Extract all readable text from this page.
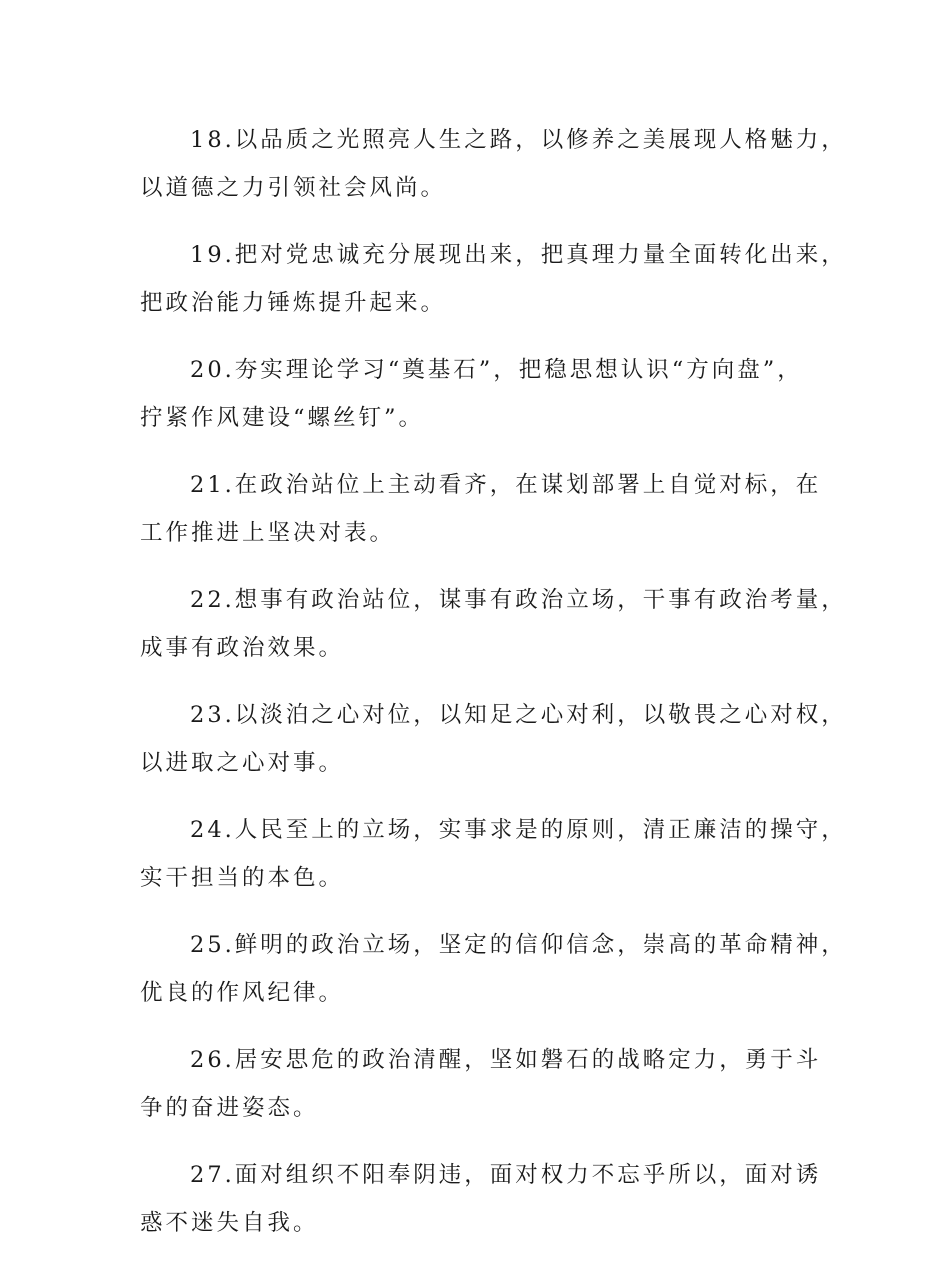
18.以品质之光照亮人生之路，以修养之美展现人格魅力，
以道德之力引领社会风尚。

19.把对党忠诚充分展现出来，把真理力量全面转化出来，
把政治能力锤炼提升起来。

20.夯实理论学习“奠基石”，把稳思想认识“方向盘”，
拧紧作风建设“螺丝钉”。

21.在政治站位上主动看齐，在谋划部署上自觉对标，在
工作推进上坚决对表。

22.想事有政治站位，谋事有政治立场，干事有政治考量，
成事有政治效果。

23.以淡泊之心对位，以知足之心对利，以敬畏之心对权，
以进取之心对事。

24.人民至上的立场，实事求是的原则，清正廉洁的操守，
实干担当的本色。

25.鲜明的政治立场，坚定的信仰信念，崇高的革命精神，
优良的作风纪律。

26.居安思危的政治清醒，坚如磐石的战略定力，勇于斗
争的奋进姿态。

27.面对组织不阳奉阴违，面对权力不忘乎所以，面对诱
惑不迷失自我。
